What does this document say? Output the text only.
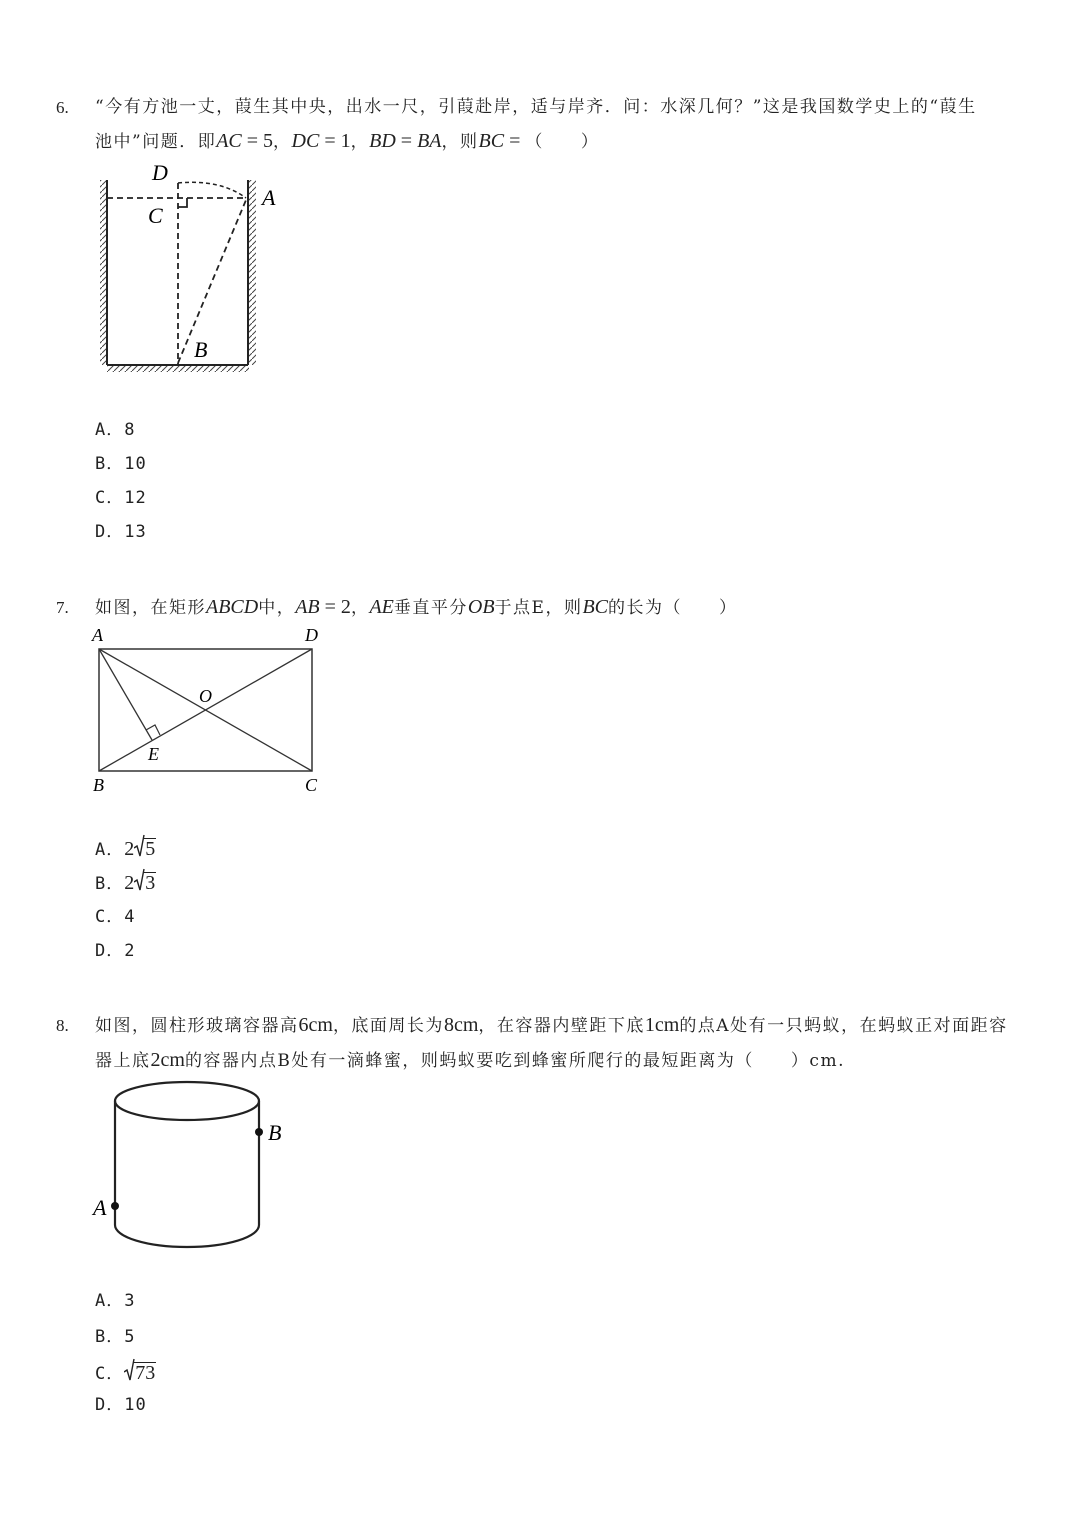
6. “今有方池一丈，葭生其中央，出水一尺，引葭赴岸，适与岸齐．问：水深几何？”这是我国数学史上的“葭生
池中”问题．即AC = 5，DC = 1，BD = BA，则BC = （　　）
D
C
A
B
A．8
B．10
C．12
D．13
7. 如图，在矩形ABCD中，AB = 2，AE垂直平分OB于点E，则BC的长为（　　）
A	D
O
E
B	C
A．2 5
B．2 3
C．4
D．2
8. 如图，圆柱形玻璃容器高6cm，底面周长为8cm，在容器内壁距下底1cm的点A处有一只蚂蚁，在蚂蚁正对面距容
器上底2cm的容器内点B处有一滴蜂蜜，则蚂蚁要吃到蜂蜜所爬行的最短距离为（　　）cm.
B
A
A．3
B．5
C． 73
D．10
